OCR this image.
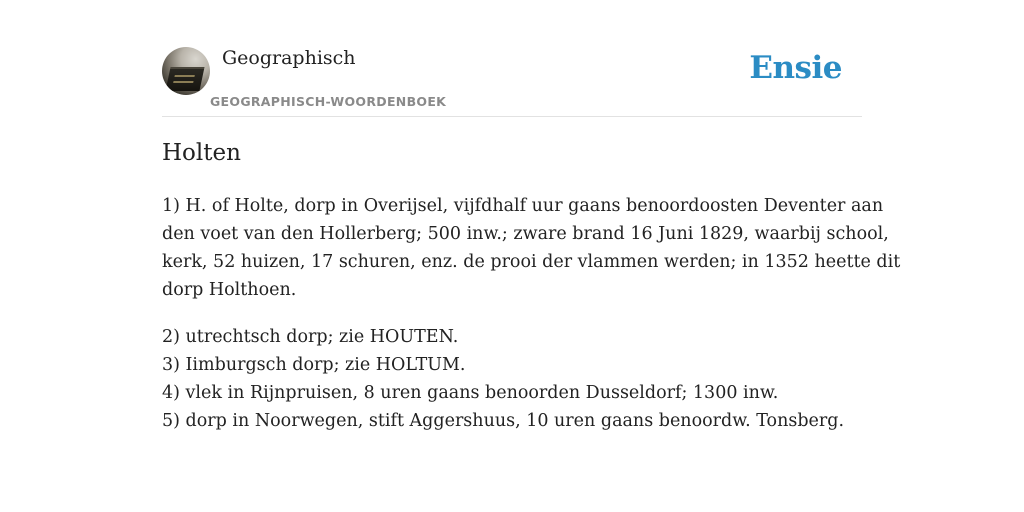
Geographisch
GEOGRAPHISCH-WOORDENBOEK
Ensie
Holten

1) H. of Holte, dorp in Overijsel, vijfdhalf uur gaans benoordoosten Deventer aan
den voet van den Hollerberg; 500 inw.; zware brand 16 Juni 1829, waarbij school,
kerk, 52 huizen, 17 schuren, enz. de prooi der vlammen werden; in 1352 heette dit
dorp Holthoen.

2) utrechtsch dorp; zie HOUTEN.
3) Iimburgsch dorp; zie HOLTUM.
4) vlek in Rijnpruisen, 8 uren gaans benoorden Dusseldorf; 1300 inw.
5) dorp in Noorwegen, stift Aggershuus, 10 uren gaans benoordw. Tonsberg.
